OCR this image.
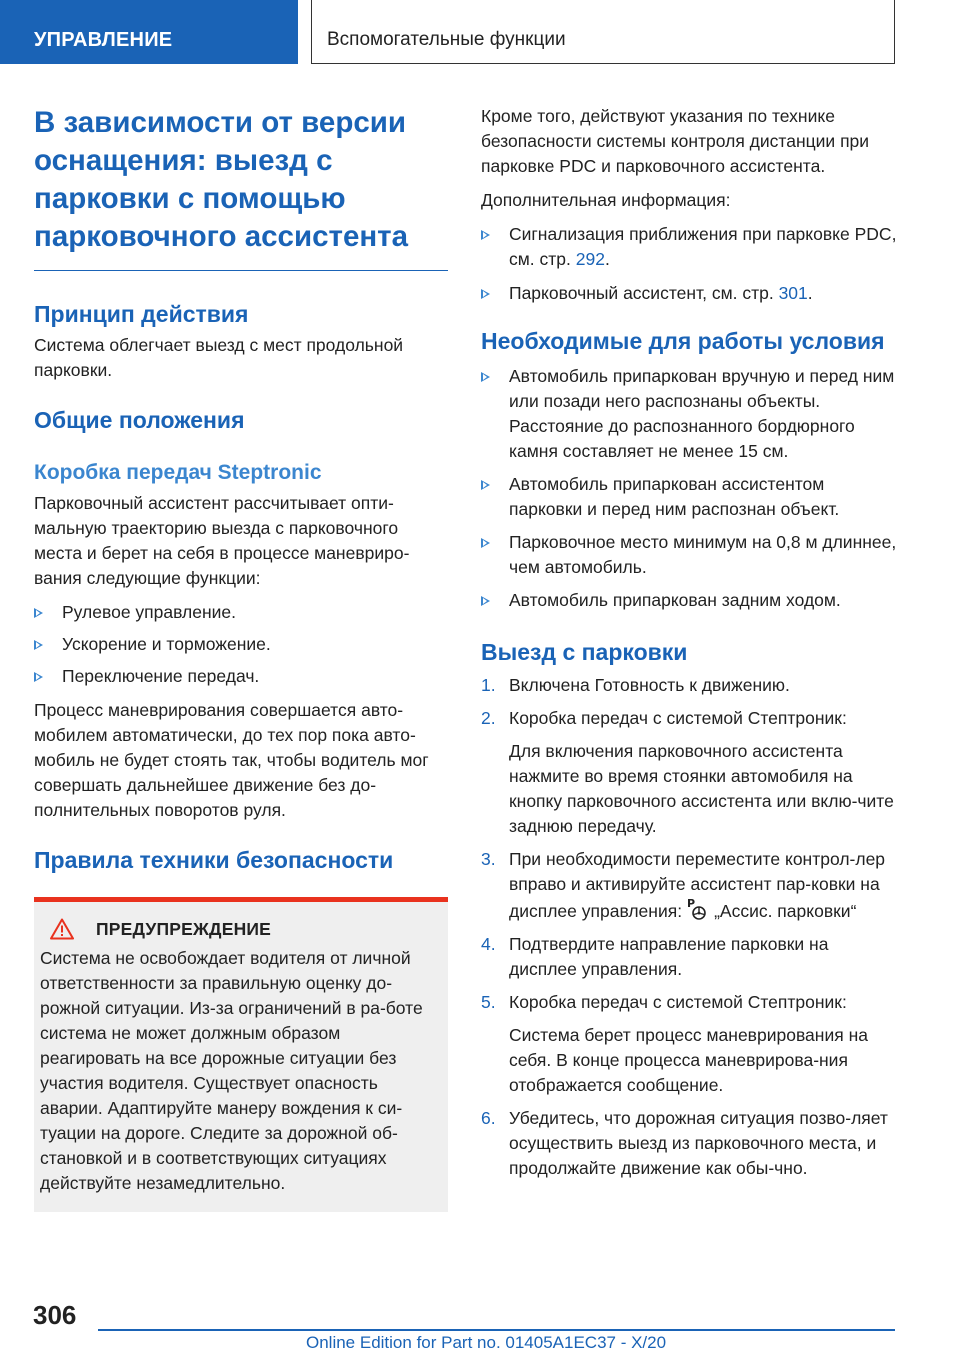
УПРАВЛЕНИЕ	Вспомогательные функции
В зависимости от версии оснащения: выезд с парковки с помощью парковочного ассистента
Принцип действия

Система облегчает выезд с мест продольной парковки.

Общие положения
Коробка передач Steptronic

Парковочный ассистент рассчитывает опти-мальную траекторию выезда с парковочного места и берет на себя в процессе маневриро-вания следующие функции:

Рулевое управление.
Ускорение и торможение.
Переключение передач.

Процесс маневрирования совершается авто-мобилем автоматически, до тех пор пока авто-мобиль не будет стоять так, чтобы водитель мог совершать дальнейшее движение без до-полнительных поворотов руля.

Правила техники безопасности
ПРЕДУПРЕЖДЕНИЕ

Система не освобождает водителя от личной ответственности за правильную оценку до-рожной ситуации. Из-за ограничений в ра-боте система не может должным образом реагировать на все дорожные ситуации без участия водителя. Существует опасность аварии. Адаптируйте манеру вождения к си-туации на дороге. Следите за дорожной об-становкой и в соответствующих ситуациях действуйте незамедлительно.

Кроме того, действуют указания по технике безопасности системы контроля дистанции при парковке PDC и парковочного ассистента.

Дополнительная информация:

Сигнализация приближения при парковке PDC, см. стр. 292.
Парковочный ассистент, см. стр. 301.
Необходимые для работы условия
Автомобиль припаркован вручную и перед ним или позади него распознаны объекты. Расстояние до распознанного бордюрного камня составляет не менее 15 см.
Автомобиль припаркован ассистентом парковки и перед ним распознан объект.
Парковочное место минимум на 0,8 м длиннее, чем автомобиль.
Автомобиль припаркован задним ходом.
Выезд с парковки
1. Включена Готовность к движению.
2. Коробка передач с системой Стептроник:
Для включения парковочного ассистента нажмите во время стоянки автомобиля на кнопку парковочного ассистента или вклю-чите заднюю передачу.
3. При необходимости переместите контрол-лер вправо и активируйте ассистент пар-ковки на дисплее управления: P „Ассис. парковки“
4. Подтвердите направление парковки на дисплее управления.
5. Коробка передач с системой Стептроник:
Система берет процесс маневрирования на себя. В конце процесса маневрирова-ния отображается сообщение.
6. Убедитесь, что дорожная ситуация позво-ляет осуществить выезд из парковочного места, и продолжайте движение как обы-чно.
306
Online Edition for Part no. 01405A1EC37 - X/20
